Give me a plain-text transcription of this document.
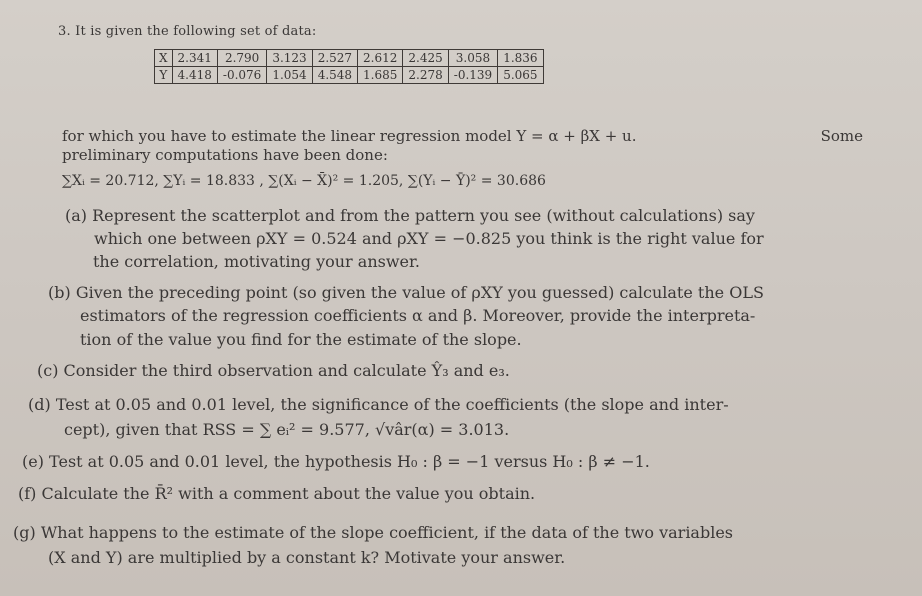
3. It is given the following set of data:
X	2.341	2.790	3.123	2.527	2.612	2.425	3.058	1.836
Y	4.418	-0.076	1.054	4.548	1.685	2.278	-0.139	5.065
for which you have to estimate the linear regression model Y = α + βX + u.	Some
preliminary computations have been done:
∑Xᵢ = 20.712, ∑Yᵢ = 18.833 , ∑(Xᵢ − X̄)² = 1.205, ∑(Yᵢ − Ȳ)² = 30.686
(a) Represent the scatterplot and from the pattern you see (without calculations) say
which one between ρXY = 0.524 and ρXY = −0.825 you think is the right value for
the correlation, motivating your answer.
(b) Given the preceding point (so given the value of ρXY you guessed) calculate the OLS
estimators of the regression coefficients α and β. Moreover, provide the interpreta-
tion of the value you find for the estimate of the slope.
(c) Consider the third observation and calculate Ŷ₃ and e₃.
(d) Test at 0.05 and 0.01 level, the significance of the coefficients (the slope and inter-
cept), given that RSS = ∑ eᵢ² = 9.577, √vâr(α) = 3.013.
(e) Test at 0.05 and 0.01 level, the hypothesis H₀ : β = −1 versus H₀ : β ≠ −1.
(f) Calculate the R̄² with a comment about the value you obtain.
(g) What happens to the estimate of the slope coefficient, if the data of the two variables
(X and Y) are multiplied by a constant k? Motivate your answer.
